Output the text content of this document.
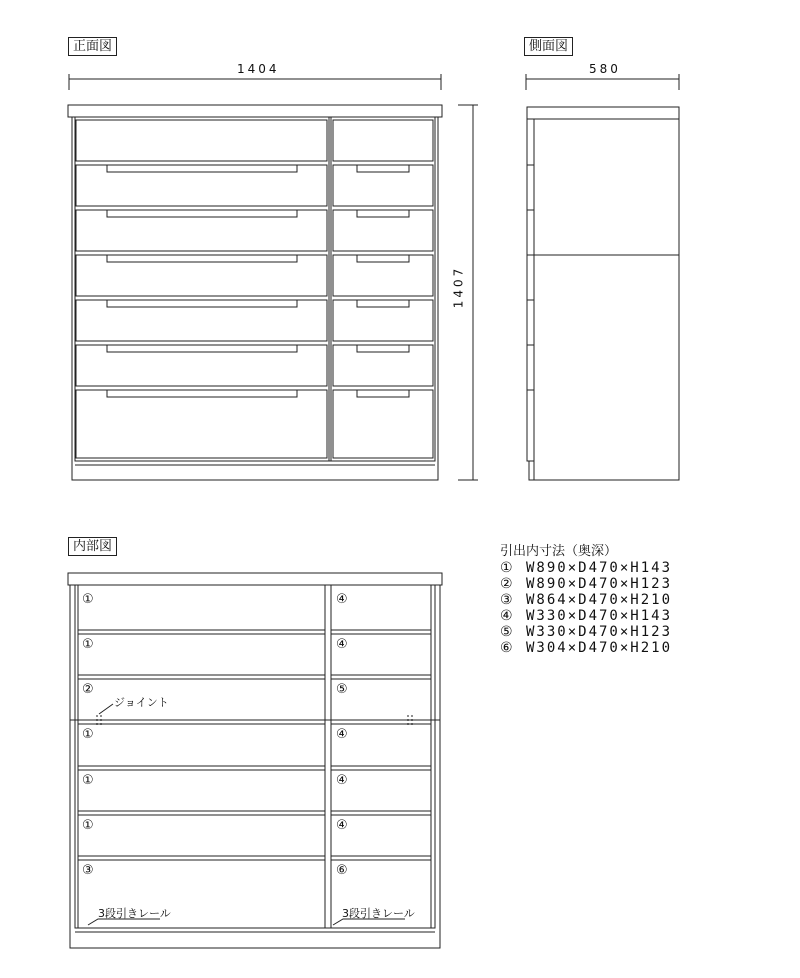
正面図	側面図
内部図
1404	580
1407
①
①
②
①
①
①
③
④
④
⑤
④
④
④
⑥
ジョイント
3段引きレール	3段引きレール
引出内寸法（奥深）
① W890×D470×H143
② W890×D470×H123
③ W864×D470×H210
④ W330×D470×H143
⑤ W330×D470×H123
⑥ W304×D470×H210
